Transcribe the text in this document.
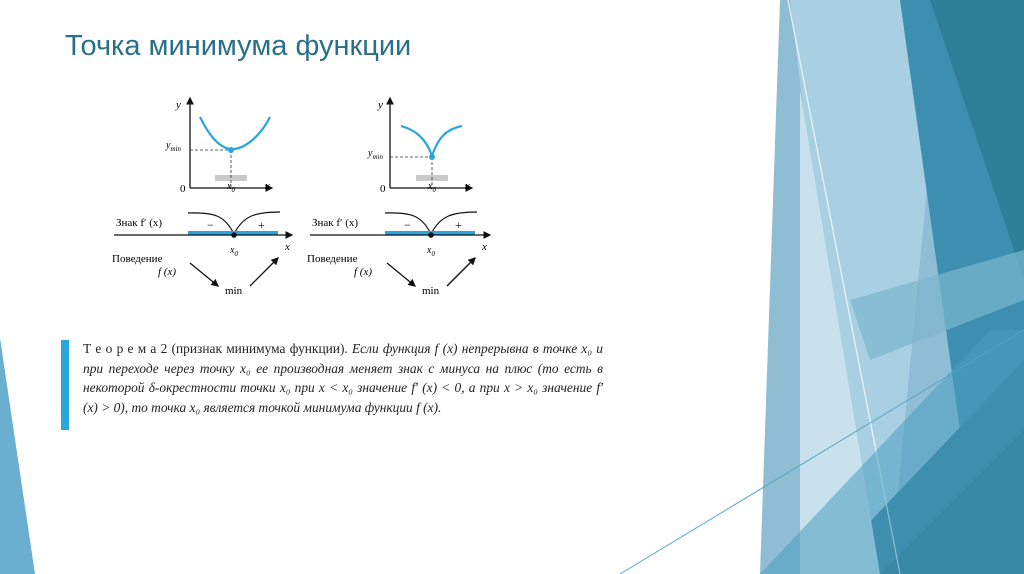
Точка минимума функции
y
x
0
$y_{min}$
$x_0$
Знак f′ (x)	−	+
$x_0$
x
Поведение
f (x)
min
y
x
0
$y_{min}$
$x_0$
Знак f′ (x)	−	+
$x_0$
x
Поведение
f (x)
min
Т е о р е м а 2 (признак минимума функции). Если функция f (x) непрерывна в точке x₀ и при переходе через точку x₀ ее производная меняет знак с минуса на плюс (то есть в некоторой δ-окрестности точки x₀ при x < x₀ значение f′ (x) < 0, а при x > x₀ значение f′ (x) > 0), то точка x₀ является точкой минимума функции f (x).
